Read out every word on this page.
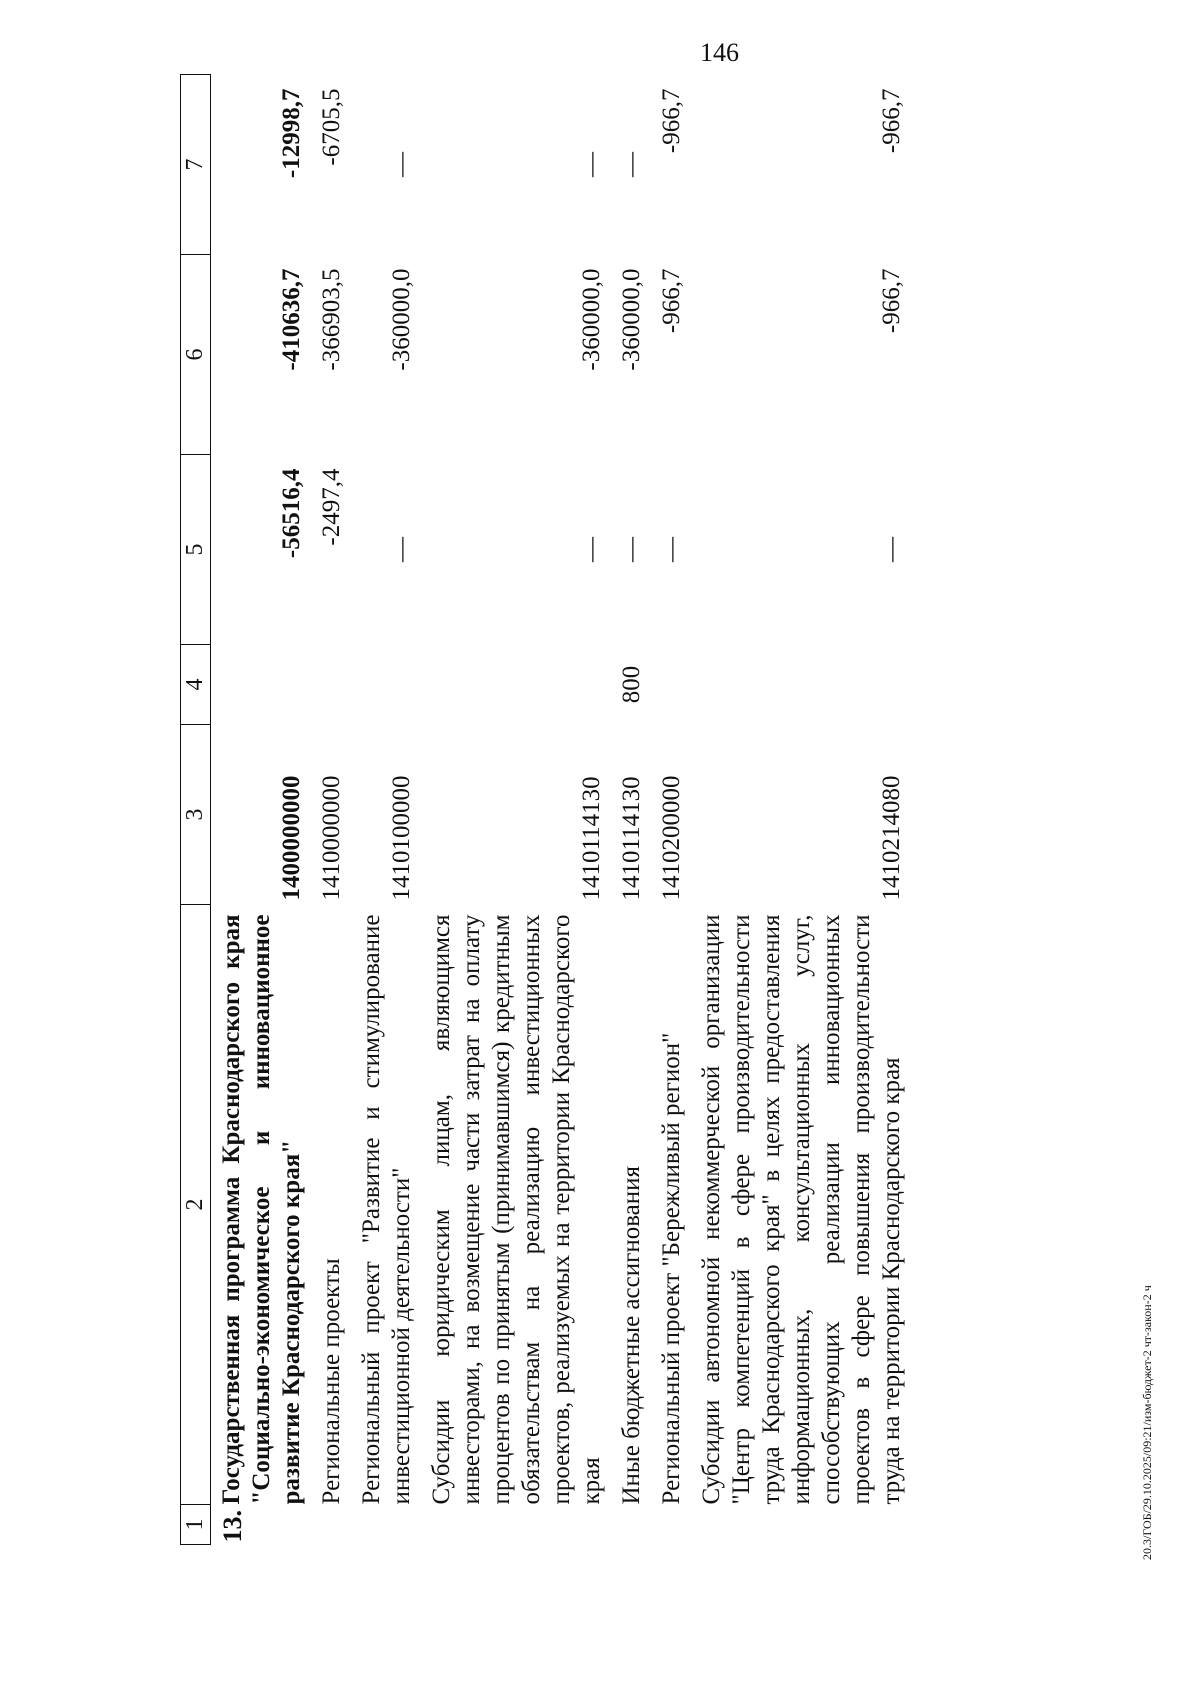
146
1	2	3	4	5	6	7
13.	Государственная программа Краснодарского края "Социально-экономическое и инновационное развитие Краснодарского края"	1400000000		-56516,4	-410636,7	-12998,7
	Региональные проекты	1410000000		-2497,4	-366903,5	-6705,5
	Региональный проект "Развитие и стимулирование инвестиционной деятельности"	1410100000		—	-360000,0	—
	Субсидии юридическим лицам, являющимся инвесторами, на возмещение части затрат на оплату процентов по принятым (принимавшимся) кредитным обязательствам на реализацию инвестиционных проектов, реализуемых на территории Краснодарского края	1410114130		—	-360000,0	—
	Иные бюджетные ассигнования	1410114130	800	—	-360000,0	—
	Региональный проект "Бережливый регион"	1410200000		—	-966,7	-966,7
	Субсидии автономной некоммерческой организации "Центр компетенций в сфере производительности труда Краснодарского края" в целях предоставления информационных, консультационных услуг, способствующих реализации инновационных проектов в сфере повышения производительности труда на территории Краснодарского края	1410214080		—	-966,7	-966,7
20.3/ГОБ/29.10.2025/09:21/изм-бюджет-2 чт-закон-2 ч
